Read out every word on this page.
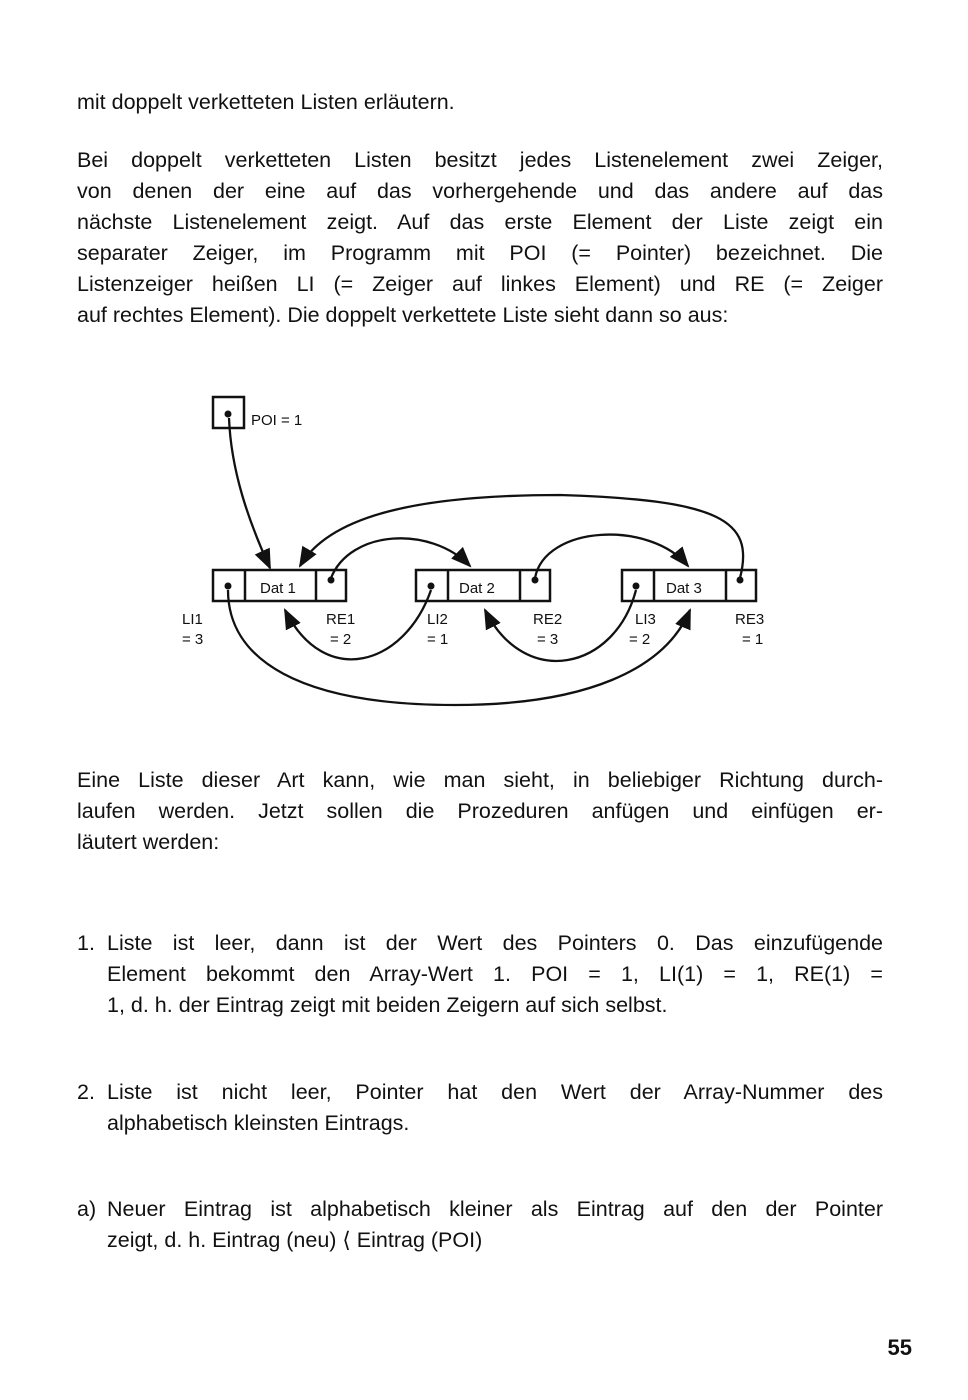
mit doppelt verketteten Listen erläutern.

Bei doppelt verketteten Listen besitzt jedes Listenelement zwei Zeiger,
von denen der eine auf das vorhergehende und das andere auf das
nächste Listenelement zeigt. Auf das erste Element der Liste zeigt ein
separater Zeiger, im Programm mit POI (= Pointer) bezeichnet. Die
Listenzeiger heißen LI (= Zeiger auf linkes Element) und RE (= Zeiger
auf rechtes Element). Die doppelt verkettete Liste sieht dann so aus:
POI = 1
Dat 1
LI1
= 3
RE1
= 2
Dat 2
LI2
= 1
RE2
= 3
Dat 3
LI3
= 2
RE3
= 1
Eine Liste dieser Art kann, wie man sieht, in beliebiger Richtung durch-
laufen werden. Jetzt sollen die Prozeduren anfügen und einfügen er-
läutert werden:
1. Liste ist leer, dann ist der Wert des Pointers 0. Das einzufügende
Element bekommt den Array-Wert 1. POI = 1, LI(1) = 1, RE(1) =
1, d. h. der Eintrag zeigt mit beiden Zeigern auf sich selbst.
2. Liste ist nicht leer, Pointer hat den Wert der Array-Nummer des
alphabetisch kleinsten Eintrags.
a) Neuer Eintrag ist alphabetisch kleiner als Eintrag auf den der Pointer
zeigt, d. h. Eintrag (neu) ⟨ Eintrag (POI)
55
